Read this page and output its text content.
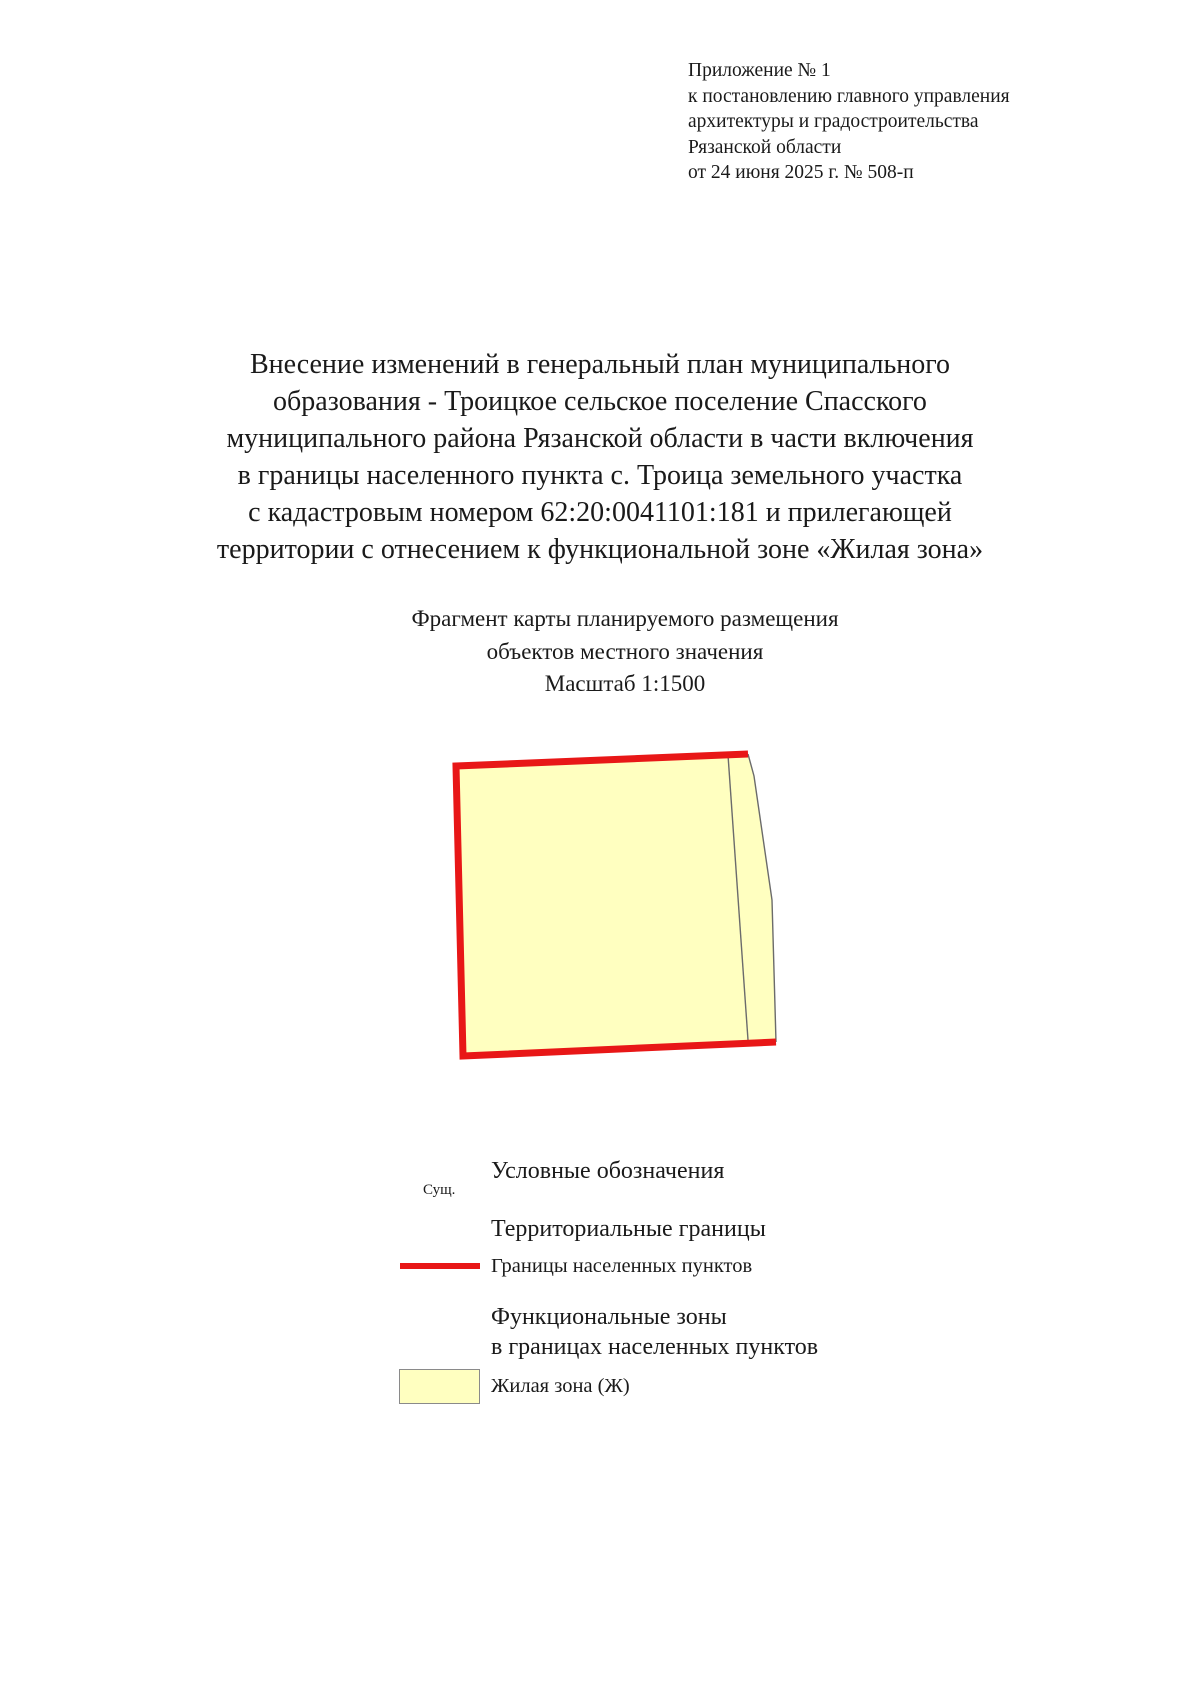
Приложение № 1
к постановлению главного управления
архитектуры и градостроительства
Рязанской области
от 24 июня 2025 г. № 508-п
Внесение изменений в генеральный план муниципального
образования - Троицкое сельское поселение Спасского
муниципального района Рязанской области в части включения
в границы населенного пункта с. Троица земельного участка
с кадастровым номером 62:20:0041101:181 и прилегающей
территории с отнесением к функциональной зоне «Жилая зона»
Фрагмент карты планируемого размещения
объектов местного значения
Масштаб 1:1500
Условные обозначения
Сущ.
Территориальные границы
Границы населенных пунктов
Функциональные зоны
в границах населенных пунктов
Жилая зона (Ж)
